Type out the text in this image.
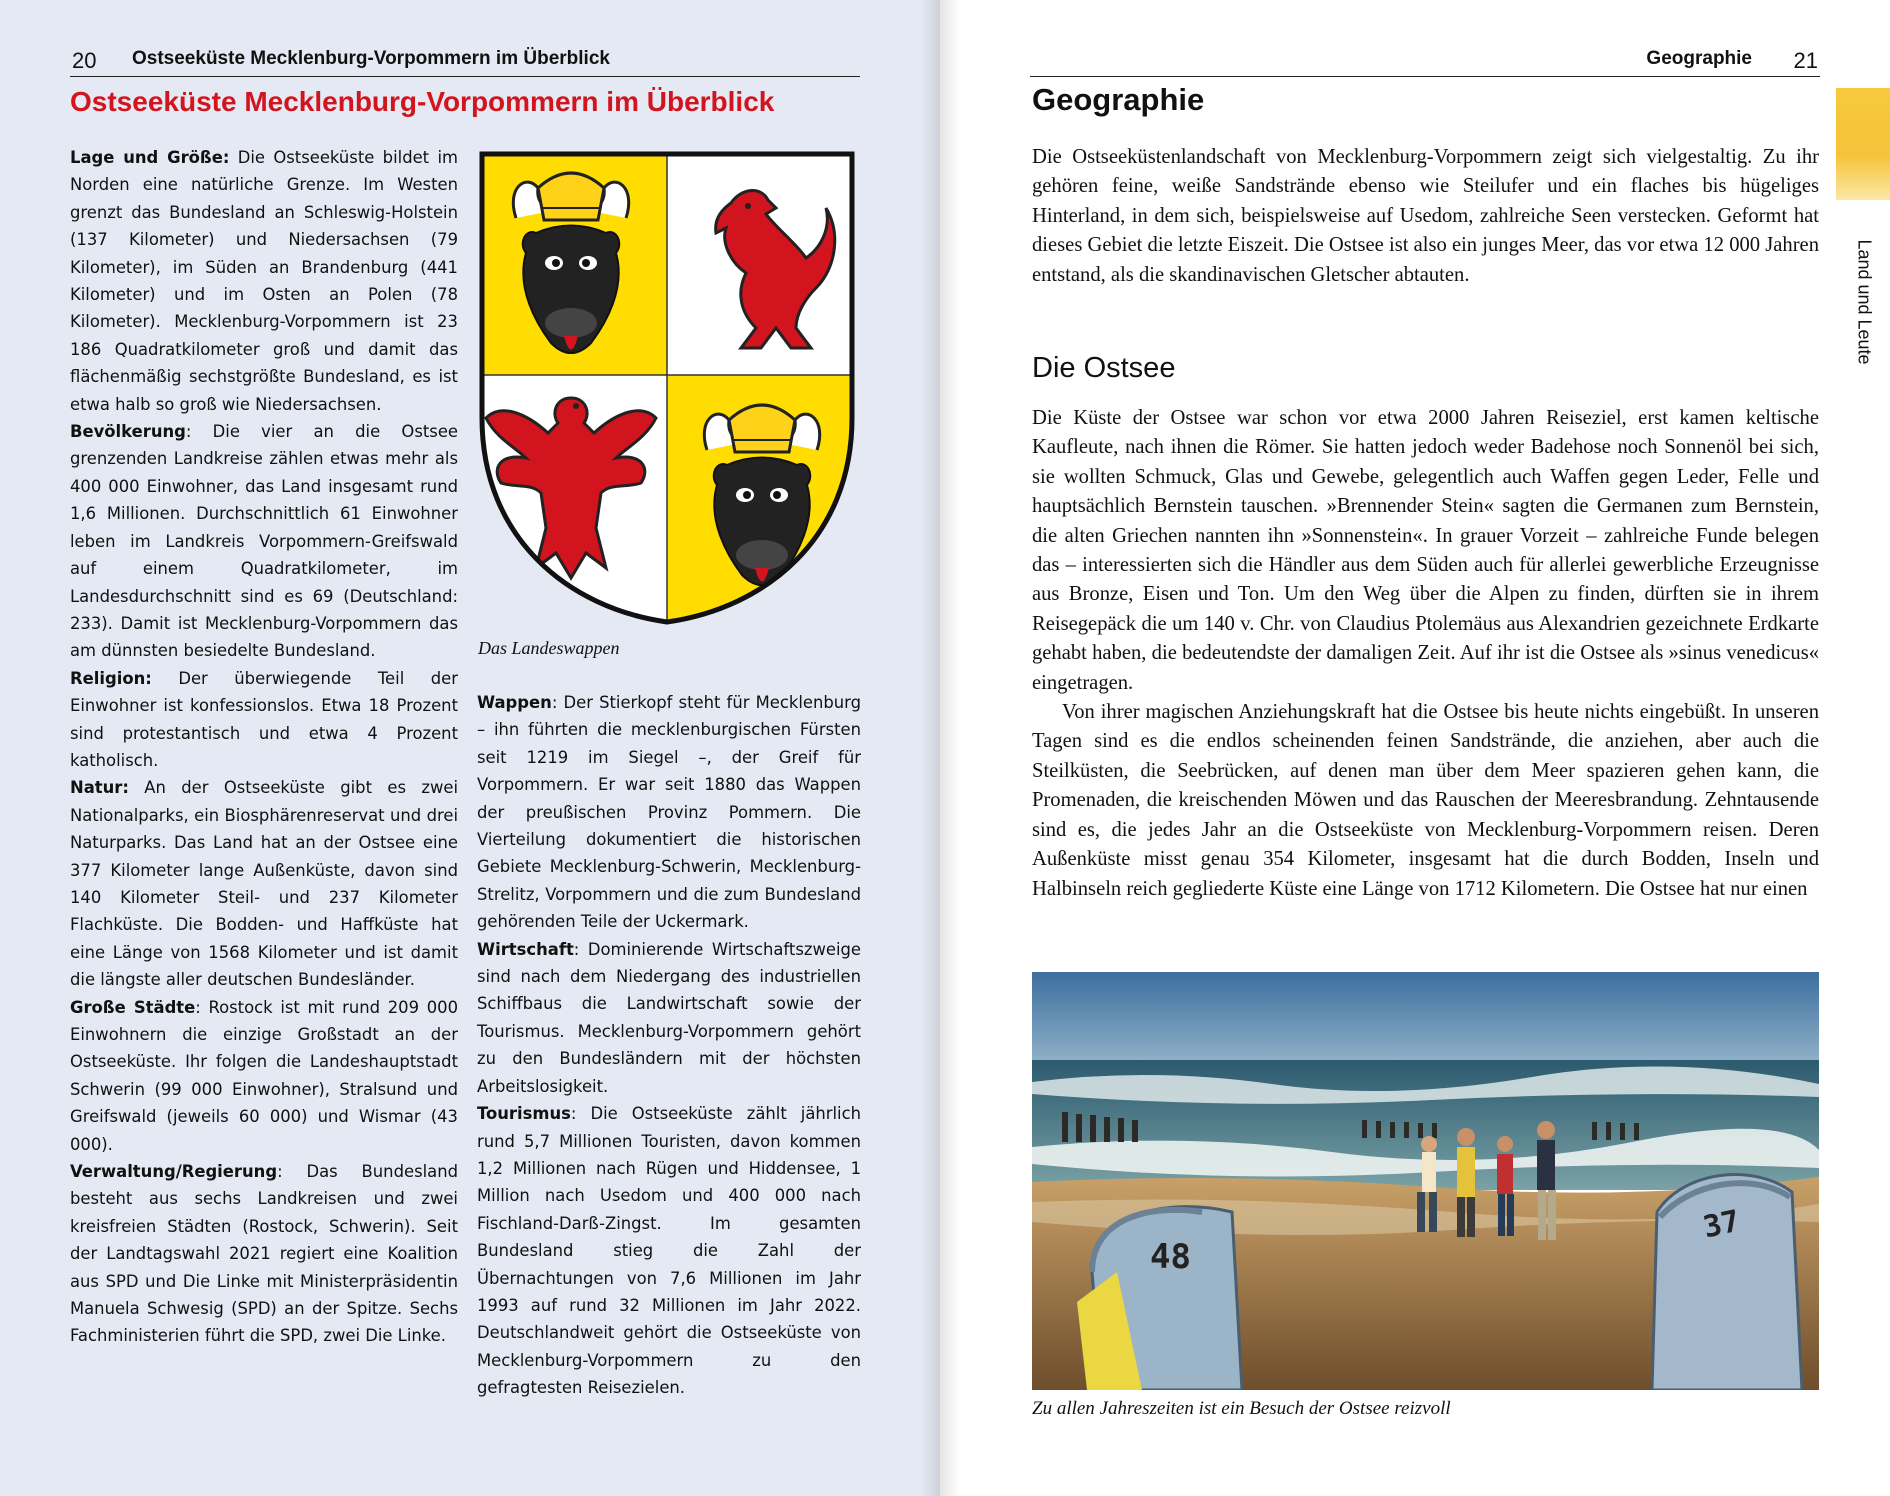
20 Ostseeküste Mecklenburg-Vorpommern im Überblick
Ostseeküste Mecklenburg-Vorpommern im Überblick

Lage und Größe: Die Ostseeküste bildet im Norden eine natürliche Grenze. Im Westen grenzt das Bundesland an Schleswig-Holstein (137 Kilometer) und Niedersachsen (79 Kilometer), im Süden an Brandenburg (441 Kilometer) und im Osten an Polen (78 Kilometer). Mecklenburg-Vorpommern ist 23 186 Quadratkilometer groß und damit das flächenmäßig sechstgrößte Bundesland, es ist etwa halb so groß wie Niedersachsen.

Bevölkerung: Die vier an die Ostsee grenzenden Landkreise zählen etwas mehr als 400 000 Einwohner, das Land insgesamt rund 1,6 Millionen. Durchschnittlich 61 Einwohner leben im Landkreis Vorpommern-Greifswald auf einem Quadratkilometer, im Landesdurchschnitt sind es 69 (Deutschland: 233). Damit ist Mecklenburg-Vorpommern das am dünnsten besiedelte Bundesland.

Religion: Der überwiegende Teil der Einwohner ist konfessionslos. Etwa 18 Prozent sind protestantisch und etwa 4 Prozent katholisch.

Natur: An der Ostseeküste gibt es zwei Nationalparks, ein Biosphärenreservat und drei Naturparks. Das Land hat an der Ostsee eine 377 Kilometer lange Außenküste, davon sind 140 Kilometer Steil- und 237 Kilometer Flachküste. Die Bodden- und Haffküste hat eine Länge von 1568 Kilometer und ist damit die längste aller deutschen Bundesländer.

Große Städte: Rostock ist mit rund 209 000 Einwohnern die einzige Großstadt an der Ostseeküste. Ihr folgen die Landeshauptstadt Schwerin (99 000 Einwohner), Stralsund und Greifswald (jeweils 60 000) und Wismar (43 000).

Verwaltung/Regierung: Das Bundesland besteht aus sechs Landkreisen und zwei kreisfreien Städten (Rostock, Schwerin). Seit der Landtagswahl 2021 regiert eine Koalition aus SPD und Die Linke mit Ministerpräsidentin Manuela Schwesig (SPD) an der Spitze. Sechs Fachministerien führt die SPD, zwei Die Linke.

Das Landeswappen

Wappen: Der Stierkopf steht für Mecklenburg – ihn führten die mecklenburgischen Fürsten seit 1219 im Siegel –, der Greif für Vorpommern. Er war seit 1880 das Wappen der preußischen Provinz Pommern. Die Vierteilung dokumentiert die historischen Gebiete Mecklenburg-Schwerin, Mecklenburg-Strelitz, Vorpommern und die zum Bundesland gehörenden Teile der Uckermark.

Wirtschaft: Dominierende Wirtschaftszweige sind nach dem Niedergang des industriellen Schiffbaus die Landwirtschaft sowie der Tourismus. Mecklenburg-Vorpommern gehört zu den Bundesländern mit der höchsten Arbeitslosigkeit.

Tourismus: Die Ostseeküste zählt jährlich rund 5,7 Millionen Touristen, davon kommen 1,2 Millionen nach Rügen und Hiddensee, 1 Million nach Usedom und 400 000 nach Fischland-Darß-Zingst. Im gesamten Bundesland stieg die Zahl der Übernachtungen von 7,6 Millionen im Jahr 1993 auf rund 32 Millionen im Jahr 2022. Deutschlandweit gehört die Ostseeküste von Mecklenburg-Vorpommern zu den gefragtesten Reisezielen.

Geographie 21
Land und Leute
Geographie

Die Ostseeküstenlandschaft von Mecklenburg-Vorpommern zeigt sich vielgestaltig. Zu ihr gehören feine, weiße Sandstrände ebenso wie Steilufer und ein flaches bis hügeliges Hinterland, in dem sich, beispielsweise auf Usedom, zahlreiche Seen verstecken. Geformt hat dieses Gebiet die letzte Eiszeit. Die Ostsee ist also ein junges Meer, das vor etwa 12 000 Jahren entstand, als die skandinavischen Gletscher abtauten.

Die Ostsee

Die Küste der Ostsee war schon vor etwa 2000 Jahren Reiseziel, erst kamen keltische Kaufleute, nach ihnen die Römer. Sie hatten jedoch weder Badehose noch Sonnenöl bei sich, sie wollten Schmuck, Glas und Gewebe, gelegentlich auch Waffen gegen Leder, Felle und hauptsächlich Bernstein tauschen. »Brennender Stein« sagten die Germanen zum Bernstein, die alten Griechen nannten ihn »Sonnenstein«. In grauer Vorzeit – zahlreiche Funde belegen das – interessierten sich die Händler aus dem Süden auch für allerlei gewerbliche Erzeugnisse aus Bronze, Eisen und Ton. Um den Weg über die Alpen zu finden, dürften sie in ihrem Reisegepäck die um 140 v. Chr. von Claudius Ptolemäus aus Alexandrien gezeichnete Erdkarte gehabt haben, die bedeutendste der damaligen Zeit. Auf ihr ist die Ostsee als »sinus venedicus« eingetragen.

Von ihrer magischen Anziehungskraft hat die Ostsee bis heute nichts eingebüßt. In unseren Tagen sind es die endlos scheinenden feinen Sandstrände, die anziehen, aber auch die Steilküsten, die Seebrücken, auf denen man über dem Meer spazieren gehen kann, die Promenaden, die kreischenden Möwen und das Rauschen der Meeresbrandung. Zehntausende sind es, die jedes Jahr an die Ostseeküste von Mecklenburg-Vorpommern reisen. Deren Außenküste misst genau 354 Kilometer, insgesamt hat die durch Bodden, Inseln und Halbinseln reich gegliederte Küste eine Länge von 1712 Kilometern. Die Ostsee hat nur einen

48
37
Zu allen Jahreszeiten ist ein Besuch der Ostsee reizvoll
